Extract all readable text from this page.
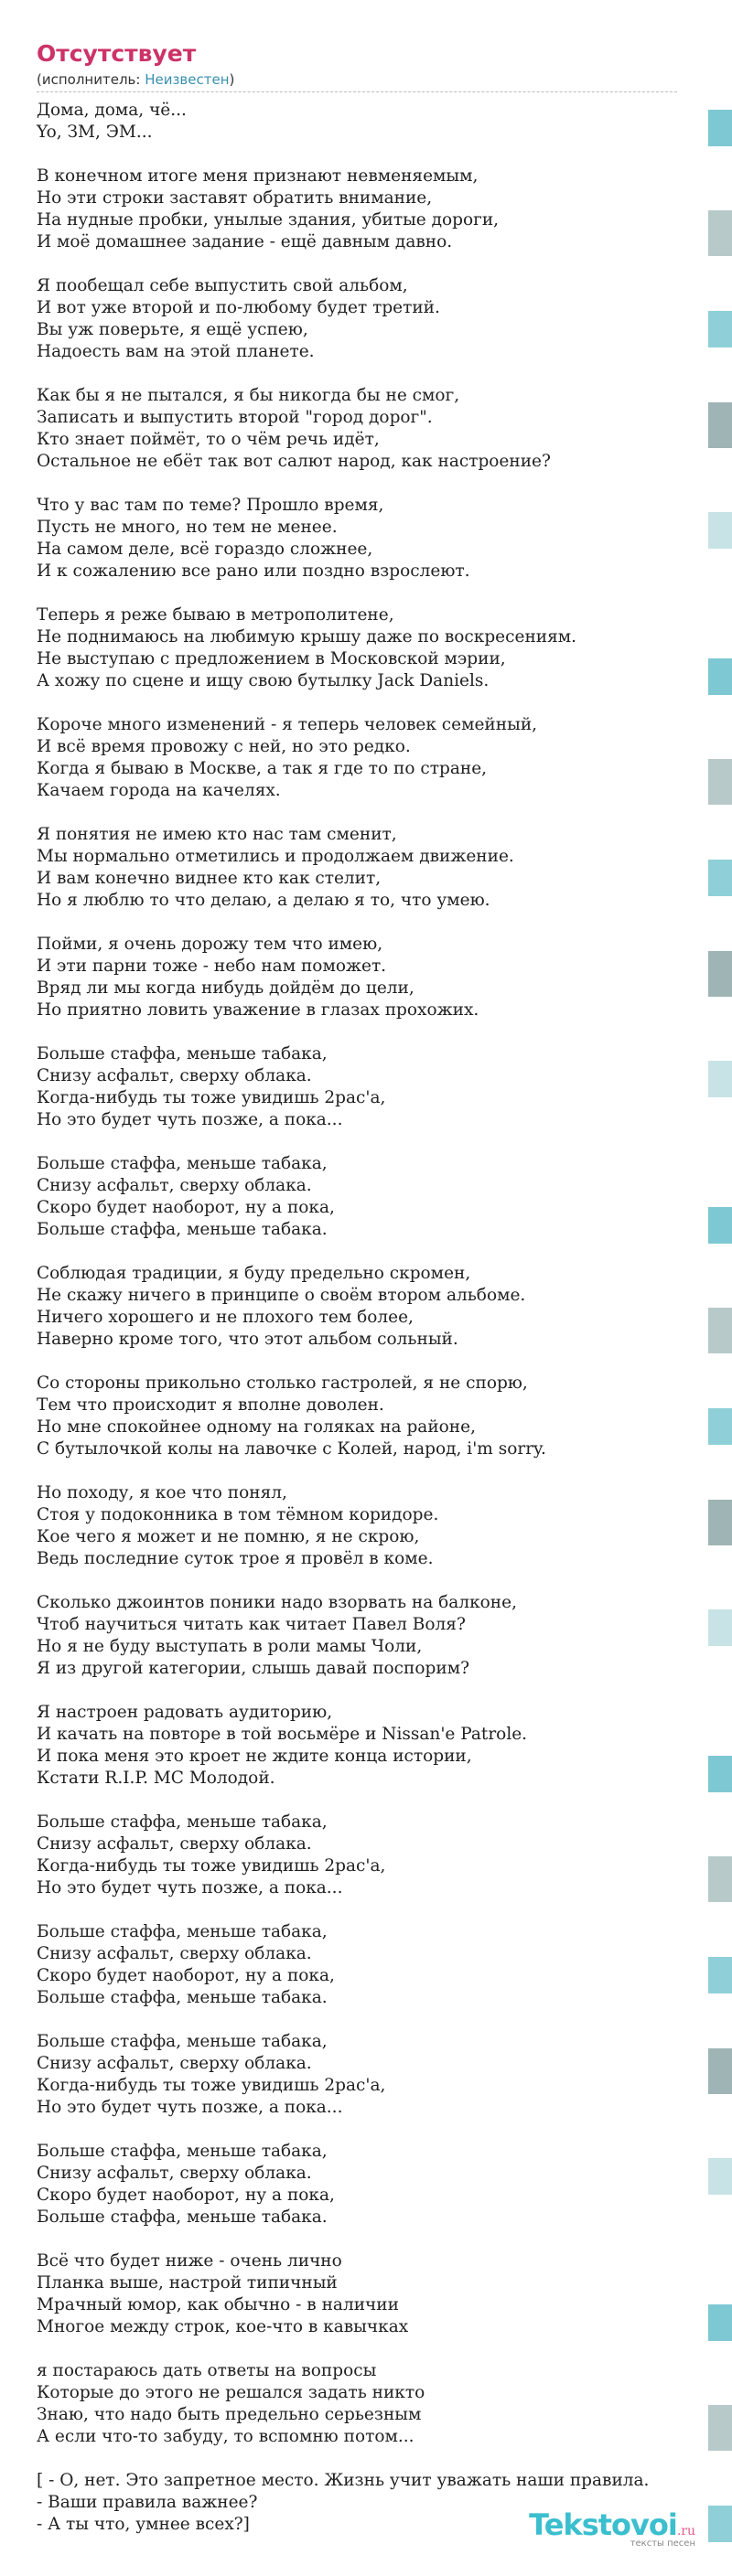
Отсутствует
(исполнитель: Неизвестен)
Дома, дома, чё...
Yo, ЗМ, ЭМ...
В конечном итоге меня признают невменяемым,
Но эти строки заставят обратить внимание,
На нудные пробки, унылые здания, убитые дороги,
И моё домашнее задание - ещё давным давно.
Я пообещал себе выпустить свой альбом,
И вот уже второй и по-любому будет третий.
Вы уж поверьте, я ещё успею,
Надоесть вам на этой планете.
Как бы я не пытался, я бы никогда бы не смог,
Записать и выпустить второй "город дорог".
Кто знает поймёт, то о чём речь идёт,
Остальное не ебёт так вот салют народ, как настроение?
Что у вас там по теме? Прошло время,
Пусть не много, но тем не менее.
На самом деле, всё гораздо сложнее,
И к сожалению все рано или поздно взрослеют.
Теперь я реже бываю в метрополитене,
Не поднимаюсь на любимую крышу даже по воскресениям.
Не выступаю с предложением в Московской мэрии,
А хожу по сцене и ищу свою бутылку Jack Daniels.
Короче много изменений - я теперь человек семейный,
И всё время провожу с ней, но это редко.
Когда я бываю в Москве, а так я где то по стране,
Качаем города на качелях.
Я понятия не имею кто нас там сменит,
Мы нормально отметились и продолжаем движение.
И вам конечно виднее кто как стелит,
Но я люблю то что делаю, а делаю я то, что умею.
Пойми, я очень дорожу тем что имею,
И эти парни тоже - небо нам поможет.
Вряд ли мы когда нибудь дойдём до цели,
Но приятно ловить уважение в глазах прохожих.
Больше стаффа, меньше табака,
Снизу асфальт, сверху облака.
Когда-нибудь ты тоже увидишь 2рас'а,
Но это будет чуть позже, а пока...
Больше стаффа, меньше табака,
Снизу асфальт, сверху облака.
Скоро будет наоборот, ну а пока,
Больше стаффа, меньше табака.
Соблюдая традиции, я буду предельно скромен,
Не скажу ничего в принципе о своём втором альбоме.
Ничего хорошего и не плохого тем более,
Наверно кроме того, что этот альбом сольный.
Со стороны прикольно столько гастролей, я не спорю,
Тем что происходит я вполне доволен.
Но мне спокойнее одному на голяках на районе,
С бутылочкой колы на лавочке с Колей, народ, i'm sorry.
Но походу, я кое что понял,
Стоя у подоконника в том тёмном коридоре.
Кое чего я может и не помню, я не скрою,
Ведь последние суток трое я провёл в коме.
Сколько джоинтов поники надо взорвать на балконе,
Чтоб научиться читать как читает Павел Воля?
Но я не буду выступать в роли мамы Чоли,
Я из другой категории, слышь давай поспорим?
Я настроен радовать аудиторию,
И качать на повторе в той восьмёре и Nissan'e Patrole.
И пока меня это кроет не ждите конца истории,
Кстати R.I.P. MC Молодой.
Больше стаффа, меньше табака,
Снизу асфальт, сверху облака.
Когда-нибудь ты тоже увидишь 2рас'а,
Но это будет чуть позже, а пока...
Больше стаффа, меньше табака,
Снизу асфальт, сверху облака.
Скоро будет наоборот, ну а пока,
Больше стаффа, меньше табака.
Больше стаффа, меньше табака,
Снизу асфальт, сверху облака.
Когда-нибудь ты тоже увидишь 2рас'а,
Но это будет чуть позже, а пока...
Больше стаффа, меньше табака,
Снизу асфальт, сверху облака.
Скоро будет наоборот, ну а пока,
Больше стаффа, меньше табака.
Всё что будет ниже - очень лично
Планка выше, настрой типичный
Мрачный юмор, как обычно - в наличии
Многое между строк, кое-что в кавычках
я постараюсь дать ответы на вопросы
Которые до этого не решался задать никто
Знаю, что надо быть предельно серьезным
А если что-то забуду, то вспомню потом...
[ - О, нет. Это запретное место. Жизнь учит уважать наши правила.
- Ваши правила важнее?
- А ты что, умнее всех?]	Tekstovoi.ru
тексты песен
